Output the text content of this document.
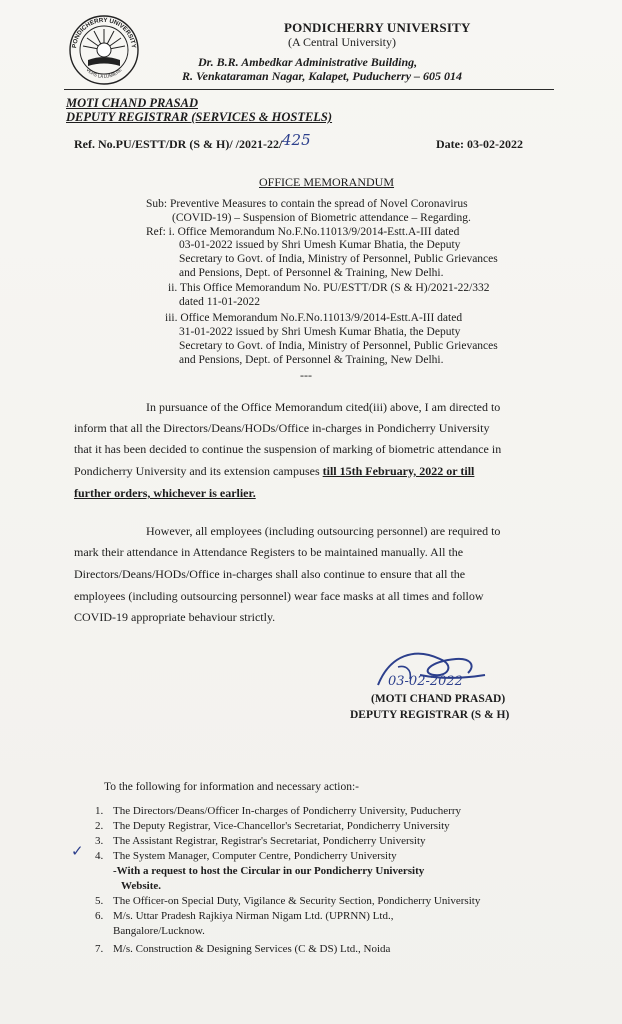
PONDICHERRY UNIVERSITY
VERS LA LUMIÈRE
PONDICHERRY UNIVERSITY
(A Central University)
Dr. B.R. Ambedkar Administrative Building,
R. Venkataraman Nagar, Kalapet, Puducherry – 605 014
MOTI CHAND PRASAD
DEPUTY REGISTRAR (SERVICES & HOSTELS)
Ref. No.PU/ESTT/DR (S & H)/ /2021-22/ 425	Date: 03-02-2022
OFFICE MEMORANDUM
Sub: Preventive Measures to contain the spread of Novel Coronavirus
(COVID-19) – Suspension of Biometric attendance – Regarding.
Ref: i. Office Memorandum No.F.No.11013/9/2014-Estt.A-III dated
03-01-2022 issued by Shri Umesh Kumar Bhatia, the Deputy
Secretary to Govt. of India, Ministry of Personnel, Public Grievances
and Pensions, Dept. of Personnel & Training, New Delhi.
ii. This Office Memorandum No. PU/ESTT/DR (S & H)/2021-22/332
dated 11-01-2022
iii. Office Memorandum No.F.No.11013/9/2014-Estt.A-III dated
31-01-2022 issued by Shri Umesh Kumar Bhatia, the Deputy
Secretary to Govt. of India, Ministry of Personnel, Public Grievances
and Pensions, Dept. of Personnel & Training, New Delhi.
---
In pursuance of the Office Memorandum cited(iii) above, I am directed to
inform that all the Directors/Deans/HODs/Office in-charges in Pondicherry University
that it has been decided to continue the suspension of marking of biometric attendance in
Pondicherry University and its extension campuses till 15th February, 2022 or till
further orders, whichever is earlier.
However, all employees (including outsourcing personnel) are required to
mark their attendance in Attendance Registers to be maintained manually. All the
Directors/Deans/HODs/Office in-charges shall also continue to ensure that all the
employees (including outsourcing personnel) wear face masks at all times and follow
COVID-19 appropriate behaviour strictly.
03-02-2022
(MOTI CHAND PRASAD)
DEPUTY REGISTRAR (S & H)
To the following for information and necessary action:-
1. The Directors/Deans/Officer In-charges of Pondicherry University, Puducherry
2. The Deputy Registrar, Vice-Chancellor's Secretariat, Pondicherry University
3. The Assistant Registrar, Registrar's Secretariat, Pondicherry University
✓ 4. The System Manager, Computer Centre, Pondicherry University
-With a request to host the Circular in our Pondicherry University
Website.
5. The Officer-on Special Duty, Vigilance & Security Section, Pondicherry University
6. M/s. Uttar Pradesh Rajkiya Nirman Nigam Ltd. (UPRNN) Ltd.,
Bangalore/Lucknow.
7. M/s. Construction & Designing Services (C & DS) Ltd., Noida
